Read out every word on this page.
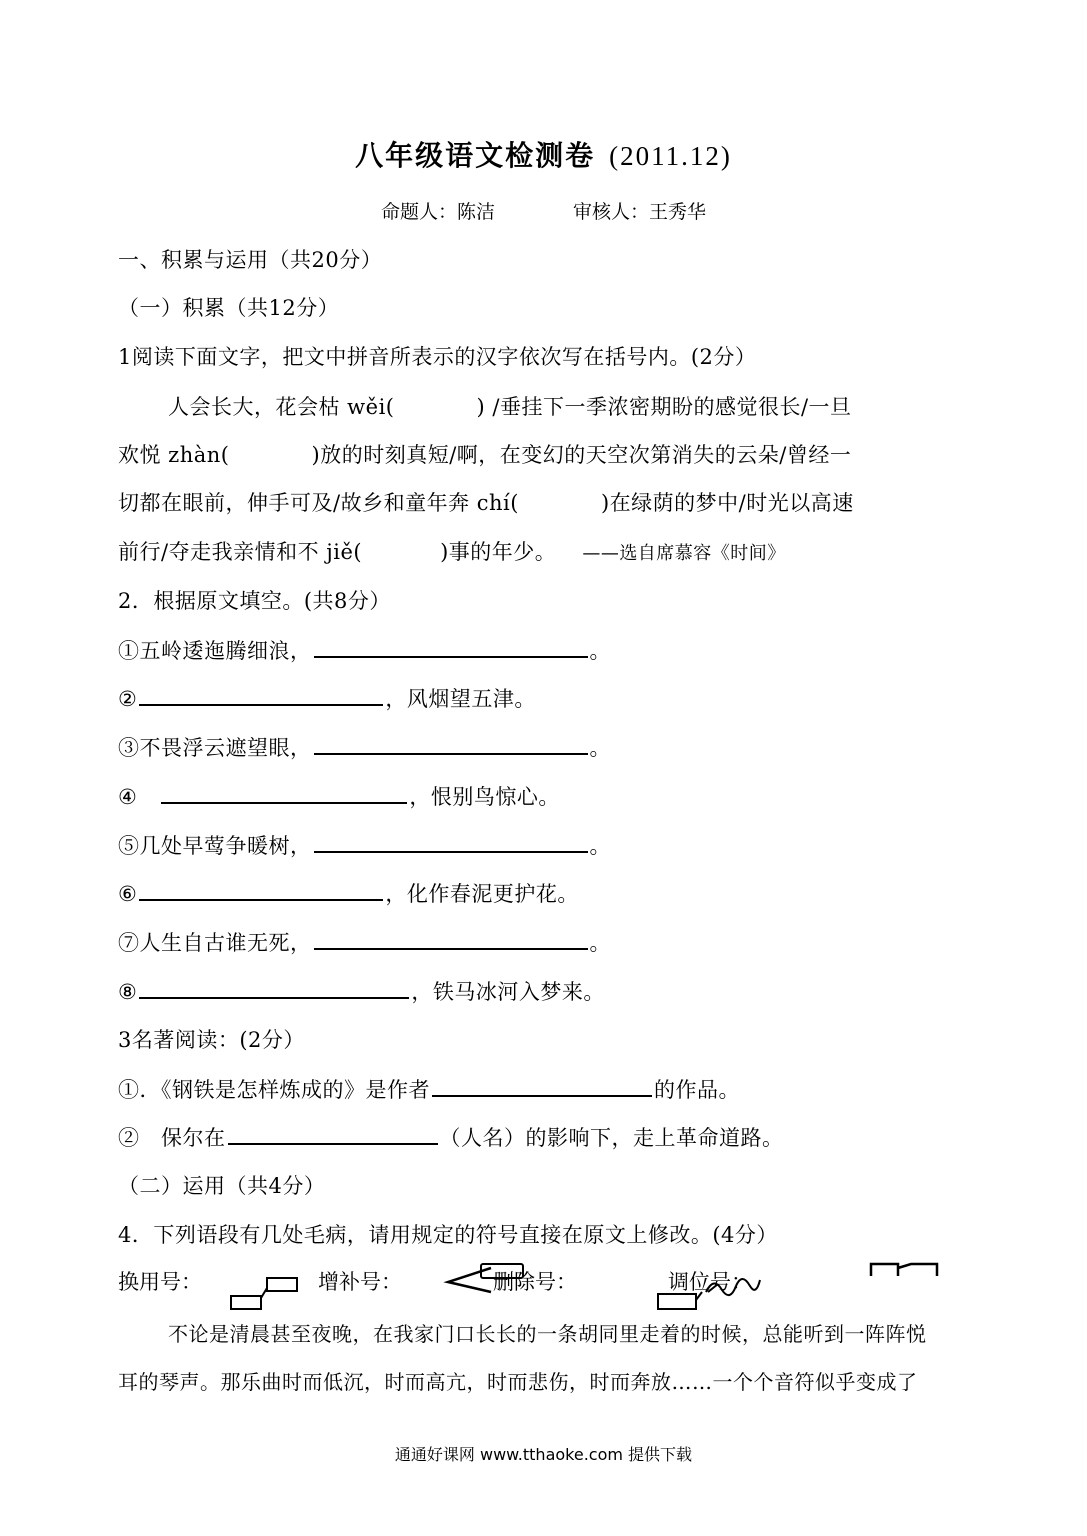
八年级语文检测卷 (2011.12)
命题人：陈洁	审核人：王秀华
一、积累与运用（共20分）
（一）积累（共12分）
1阅读下面文字，把文中拼音所表示的汉字依次写在括号内。(2分）
人会长大，花会枯 wěi(	) /垂挂下一季浓密期盼的感觉很长/一旦
欢悦 zhàn(	)放的时刻真短/啊，在变幻的天空次第消失的云朵/曾经一
切都在眼前，伸手可及/故乡和童年奔 chí(	)在绿荫的梦中/时光以高速
前行/夺走我亲情和不 jiě(	)事的年少。 ——选自席慕容《时间》
2．根据原文填空。(共8分）
①五岭逶迤腾细浪，	。
②	，风烟望五津。
③不畏浮云遮望眼，	。
④	，恨别鸟惊心。
⑤几处早莺争暖树，	。
⑥	，化作春泥更护花。
⑦人生自古谁无死，	。
⑧	，铁马冰河入梦来。
3名著阅读：(2分）
①．《钢铁是怎样炼成的》是作者	的作品。
②　保尔在	（人名）的影响下，走上革命道路。
（二）运用（共4分）
4．下列语段有几处毛病，请用规定的符号直接在原文上修改。(4分）
换用号：	增补号：	删除号：	调位号：
不论是清晨甚至夜晚，在我家门口长长的一条胡同里走着的时候，总能听到一阵阵悦
耳的琴声。那乐曲时而低沉，时而高亢，时而悲伤，时而奔放……一个个音符似乎变成了
通通好课网 www.tthaoke.com 提供下载
